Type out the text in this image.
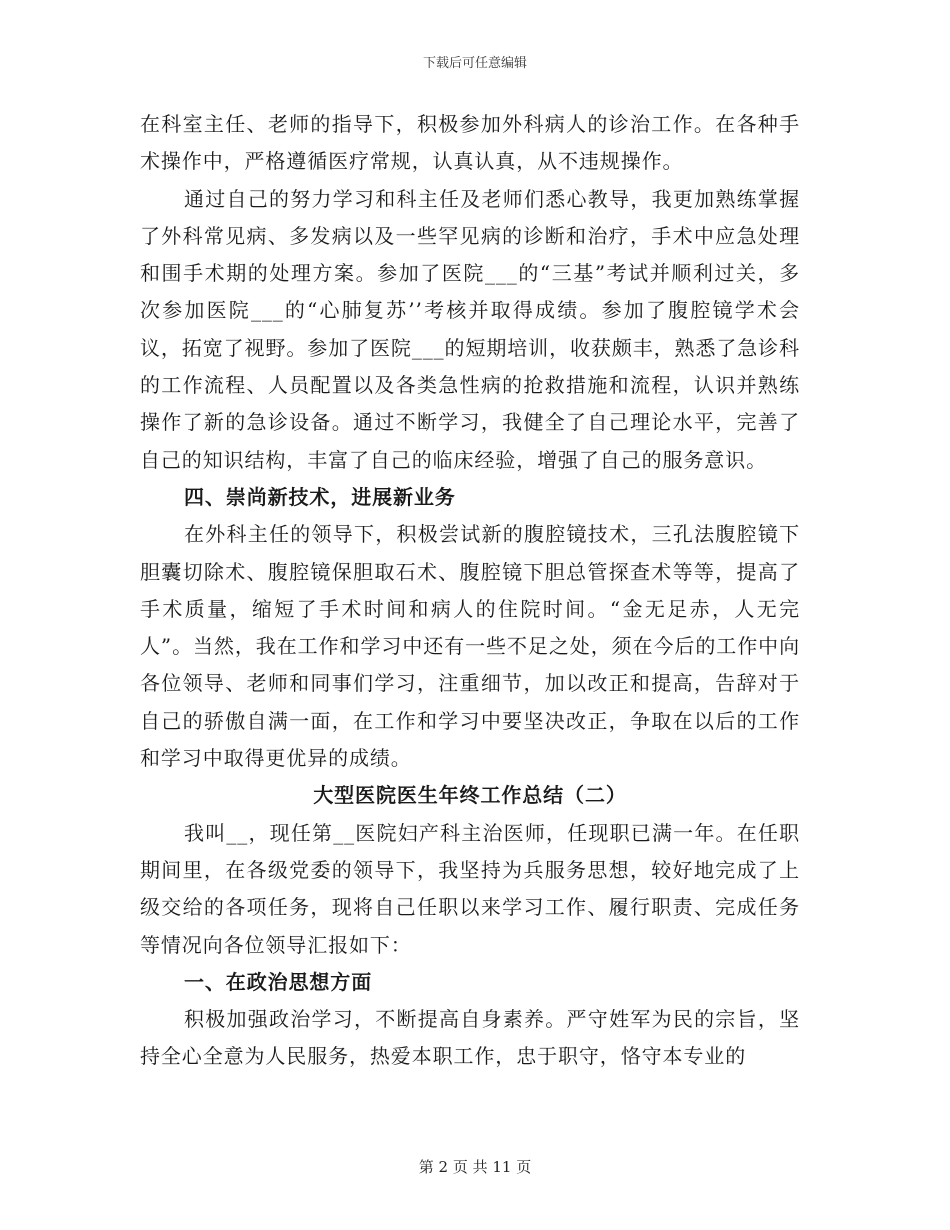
下载后可任意编辑

在科室主任、老师的指导下，积极参加外科病人的诊治工作。在各种手术操作中，严格遵循医疗常规，认真认真，从不违规操作。

通过自己的努力学习和科主任及老师们悉心教导，我更加熟练掌握了外科常见病、多发病以及一些罕见病的诊断和治疗，手术中应急处理和围手术期的处理方案。参加了医院___的“三基”考试并顺利过关，多次参加医院___的“心肺复苏’’考核并取得成绩。参加了腹腔镜学术会议，拓宽了视野。参加了医院___的短期培训，收获颇丰，熟悉了急诊科的工作流程、人员配置以及各类急性病的抢救措施和流程，认识并熟练操作了新的急诊设备。通过不断学习，我健全了自己理论水平，完善了自己的知识结构，丰富了自己的临床经验，增强了自己的服务意识。

四、崇尚新技术，进展新业务

在外科主任的领导下，积极尝试新的腹腔镜技术，三孔法腹腔镜下胆囊切除术、腹腔镜保胆取石术、腹腔镜下胆总管探查术等等，提高了手术质量，缩短了手术时间和病人的住院时间。“金无足赤，人无完人”。当然，我在工作和学习中还有一些不足之处，须在今后的工作中向各位领导、老师和同事们学习，注重细节，加以改正和提高，告辞对于自己的骄傲自满一面，在工作和学习中要坚决改正，争取在以后的工作和学习中取得更优异的成绩。

大型医院医生年终工作总结（二）

我叫__，现任第__医院妇产科主治医师，任现职已满一年。在任职期间里，在各级党委的领导下，我坚持为兵服务思想，较好地完成了上级交给的各项任务，现将自己任职以来学习工作、履行职责、完成任务等情况向各位领导汇报如下：

一、在政治思想方面

积极加强政治学习，不断提高自身素养。严守姓军为民的宗旨，坚持全心全意为人民服务，热爱本职工作，忠于职守，恪守本专业的

第 2 页 共 11 页
